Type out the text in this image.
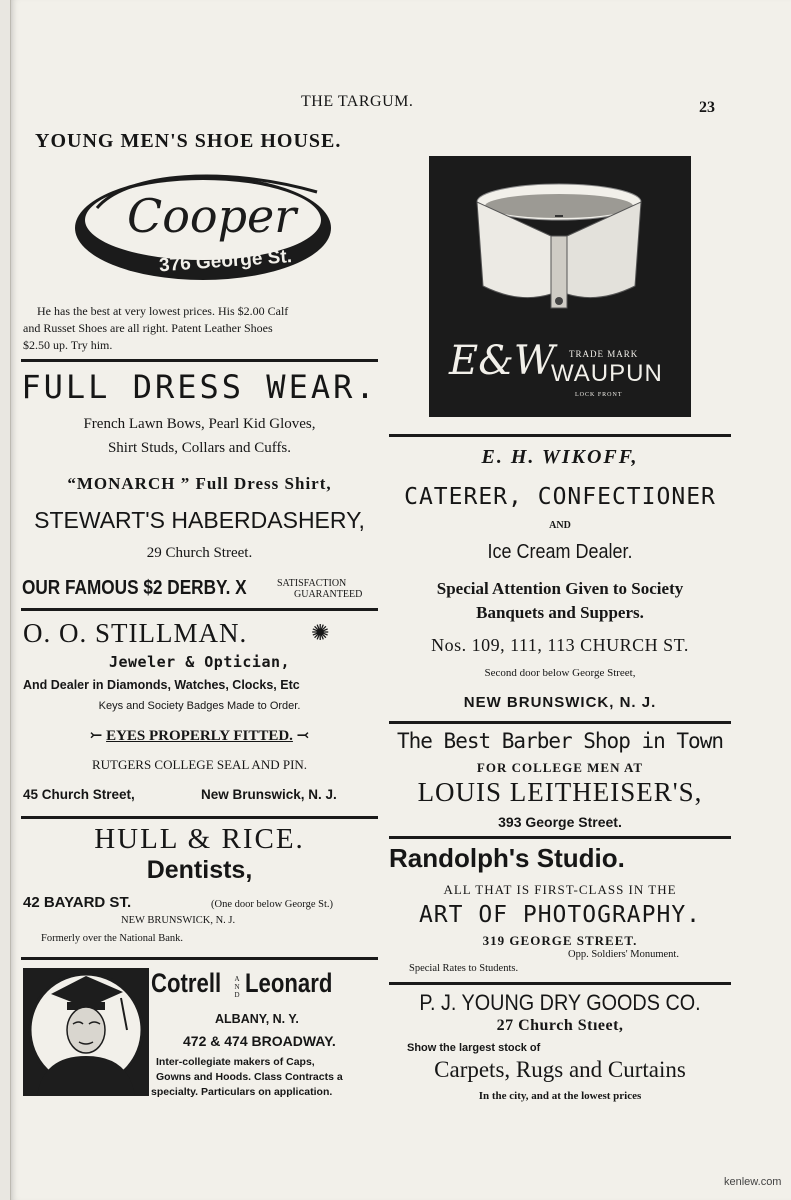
THE TARGUM.	23
YOUNG MEN'S SHOE HOUSE.
Cooper
376 George St.
He has the best at very lowest prices. His $2.00 Calf
and Russet Shoes are all right. Patent Leather Shoes
$2.50 up. Try him.
FULL DRESS WEAR.
French Lawn Bows, Pearl Kid Gloves,
Shirt Studs, Collars and Cuffs.
“MONARCH ” Full Dress Shirt,
STEWART'S HABERDASHERY,
29 Church Street.
OUR FAMOUS $2 DERBY. X	SATISFACTION
GUARANTEED
O. O. STILLMAN.	✺
Jeweler & Optician,
And Dealer in Diamonds, Watches, Clocks, Etc
Keys and Society Badges Made to Order.
⤚ EYES PROPERLY FITTED. ⤙
RUTGERS COLLEGE SEAL AND PIN.
45 Church Street,	New Brunswick, N. J.
HULL & RICE.
Dentists,
42 BAYARD ST.	(One door below George St.)
NEW BRUNSWICK, N. J.
Formerly over the National Bank.
Cotrell AND Leonard
ALBANY, N. Y.
472 & 474 BROADWAY.
Inter-collegiate makers of Caps,
Gowns and Hoods. Class Contracts a
specialty. Particulars on application.
E&W TRADE MARK
WAUPUN
LOCK FRONT
E. H. WIKOFF,
CATERER, CONFECTIONER
AND
Ice Cream Dealer.
Special Attention Given to Society
Banquets and Suppers.
Nos. 109, 111, 113 CHURCH ST.
Second door below George Street,
NEW BRUNSWICK, N. J.
The Best Barber Shop in Town
FOR COLLEGE MEN AT
LOUIS LEITHEISER'S,
393 George Street.
Randolph's Studio.
ALL THAT IS FIRST-CLASS IN THE
ART OF PHOTOGRAPHY.
319 GEORGE STREET.
Opp. Soldiers' Monument.
Special Rates to Students.
P. J. YOUNG DRY GOODS CO.
27 Church Stıeet,
Show the largest stock of
Carpets, Rugs and Curtains
In the city, and at the lowest prices
kenlew.com
